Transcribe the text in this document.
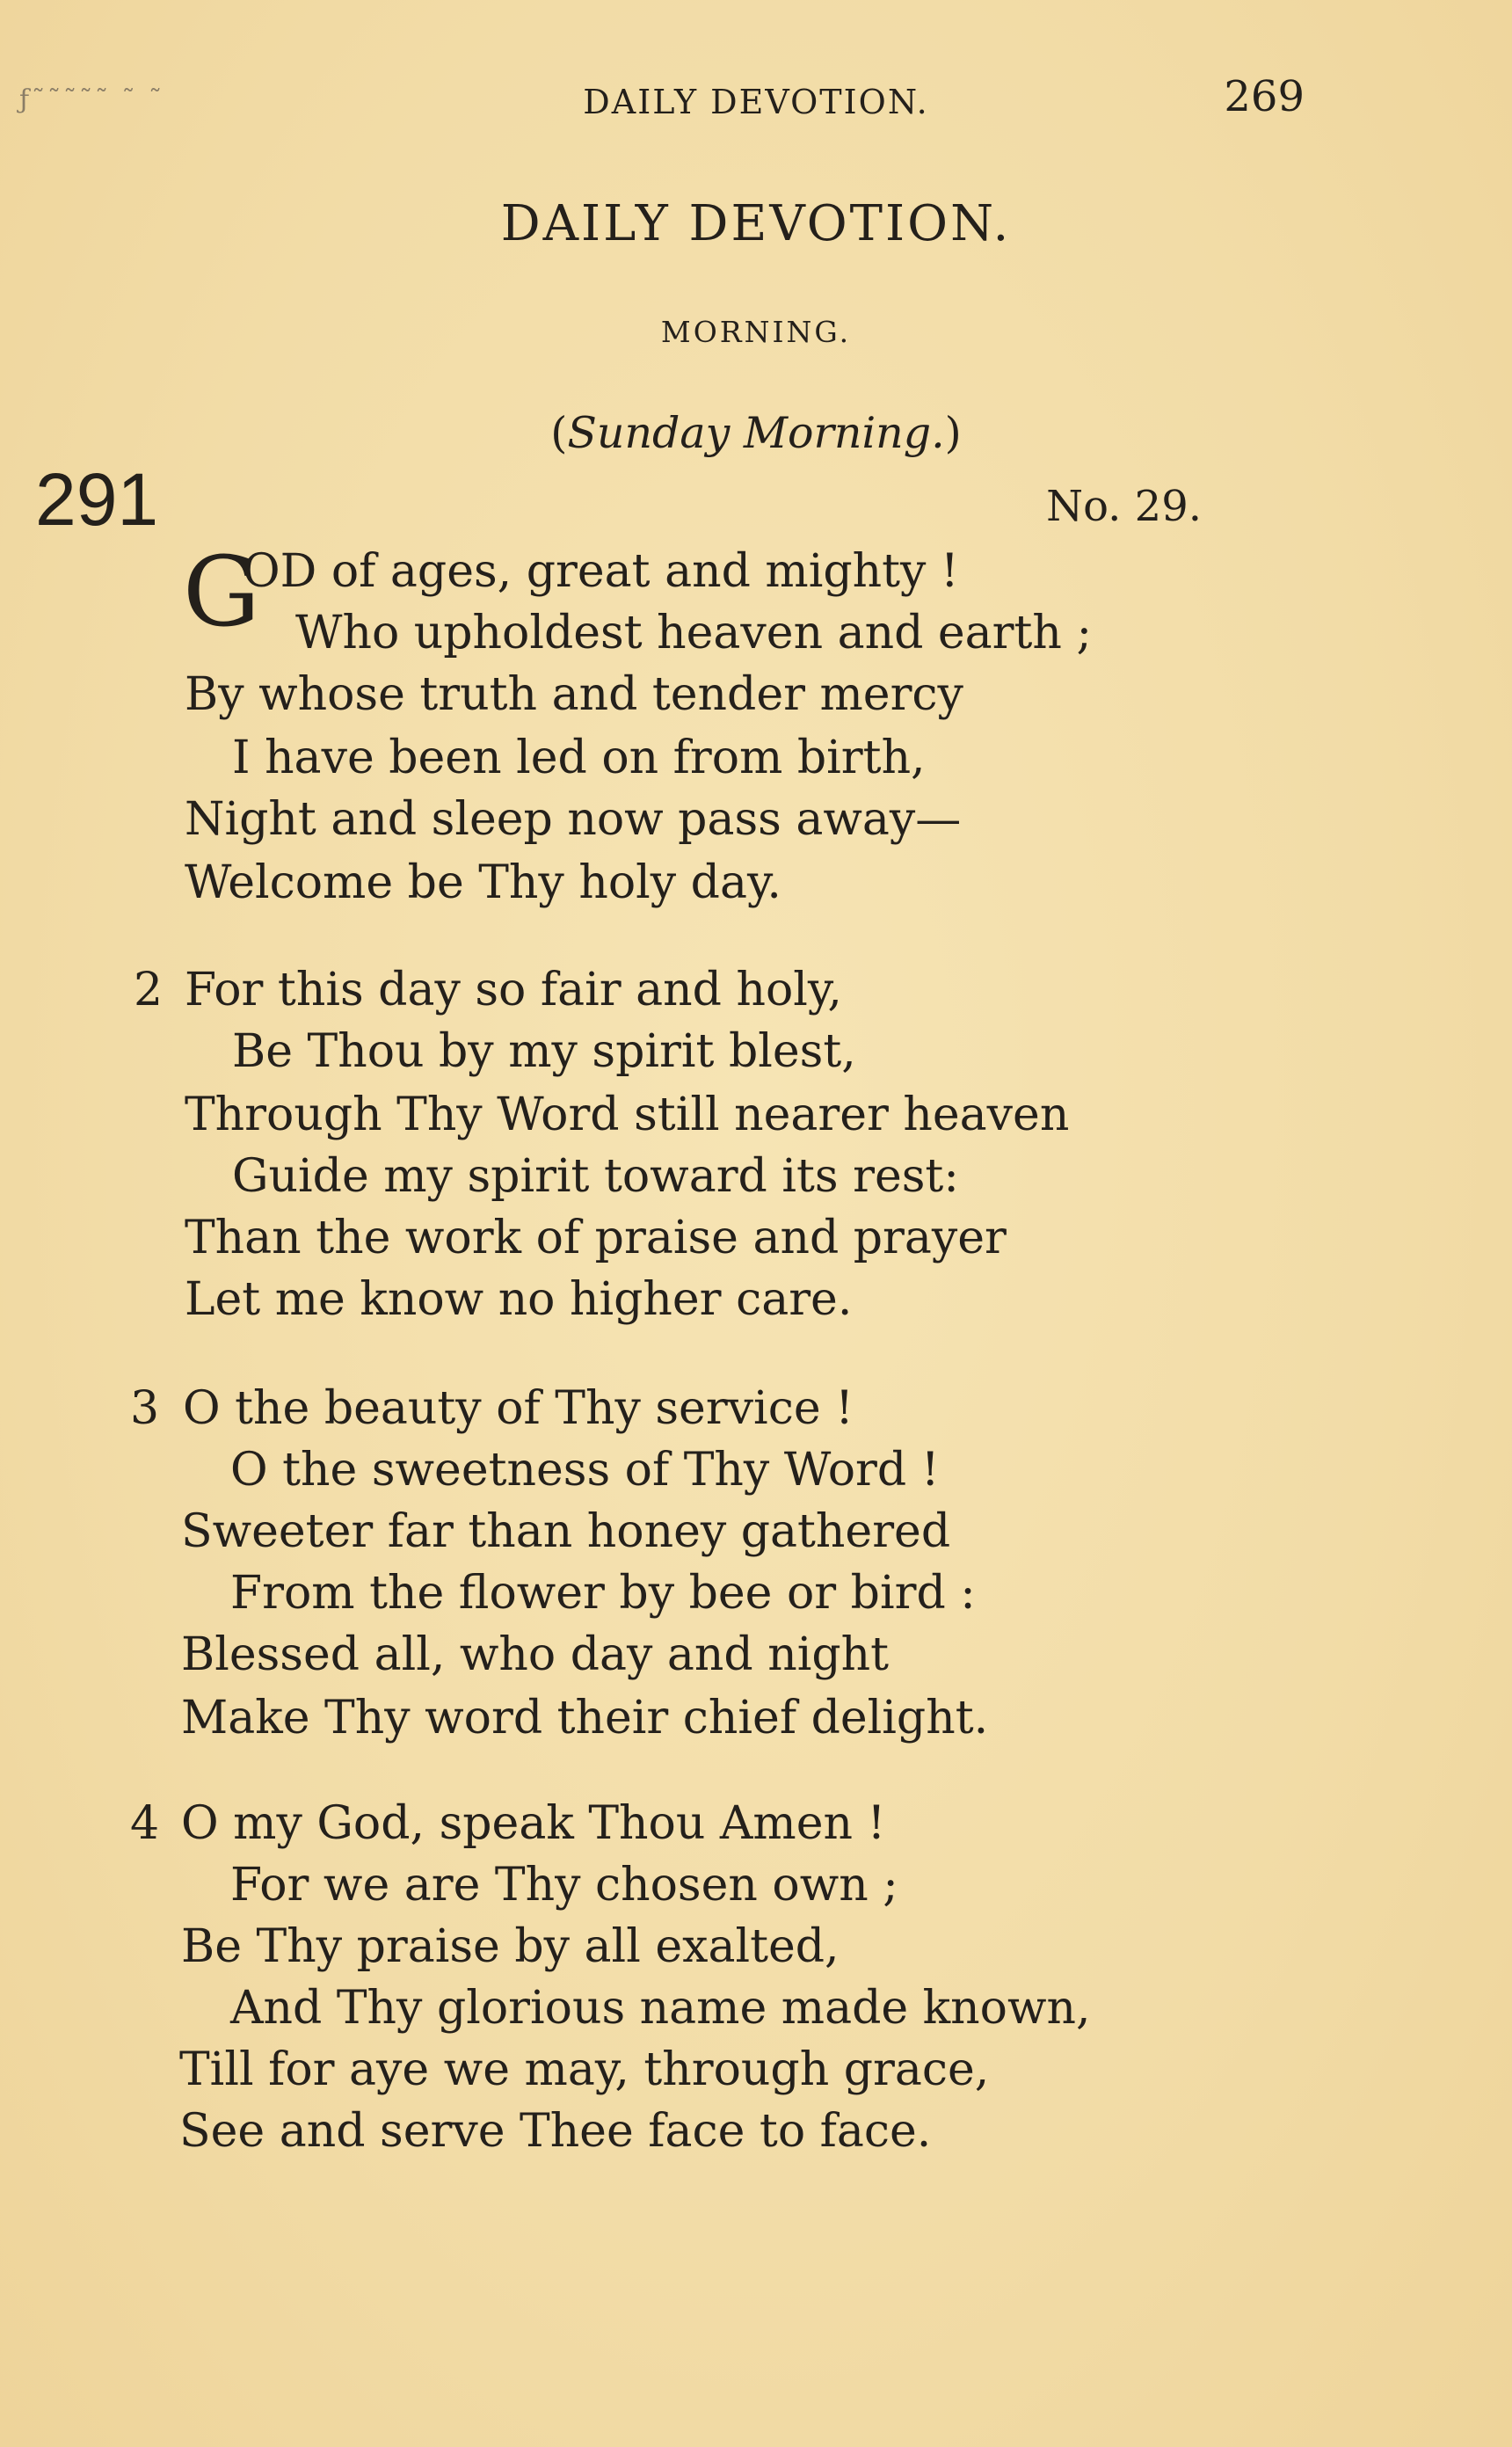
ƒ˜˜˜˜˜ ˜ ˜	DAILY DEVOTION.	269
DAILY DEVOTION.
MORNING.
(Sunday Morning.)
291	No. 29.
G
OD of ages, great and mighty !
Who upholdest heaven and earth ;
By whose truth and tender mercy
I have been led on from birth,
Night and sleep now pass away—
Welcome be Thy holy day.
2 For this day so fair and holy,
Be Thou by my spirit blest,
Through Thy Word still nearer heaven
Guide my spirit toward its rest:
Than the work of praise and prayer
Let me know no higher care.
3 O the beauty of Thy service !
O the sweetness of Thy Word !
Sweeter far than honey gathered
From the flower by bee or bird :
Blessed all, who day and night
Make Thy word their chief delight.
4 O my God, speak Thou Amen !
For we are Thy chosen own ;
Be Thy praise by all exalted,
And Thy glorious name made known,
Till for aye we may, through grace,
See and serve Thee face to face.
